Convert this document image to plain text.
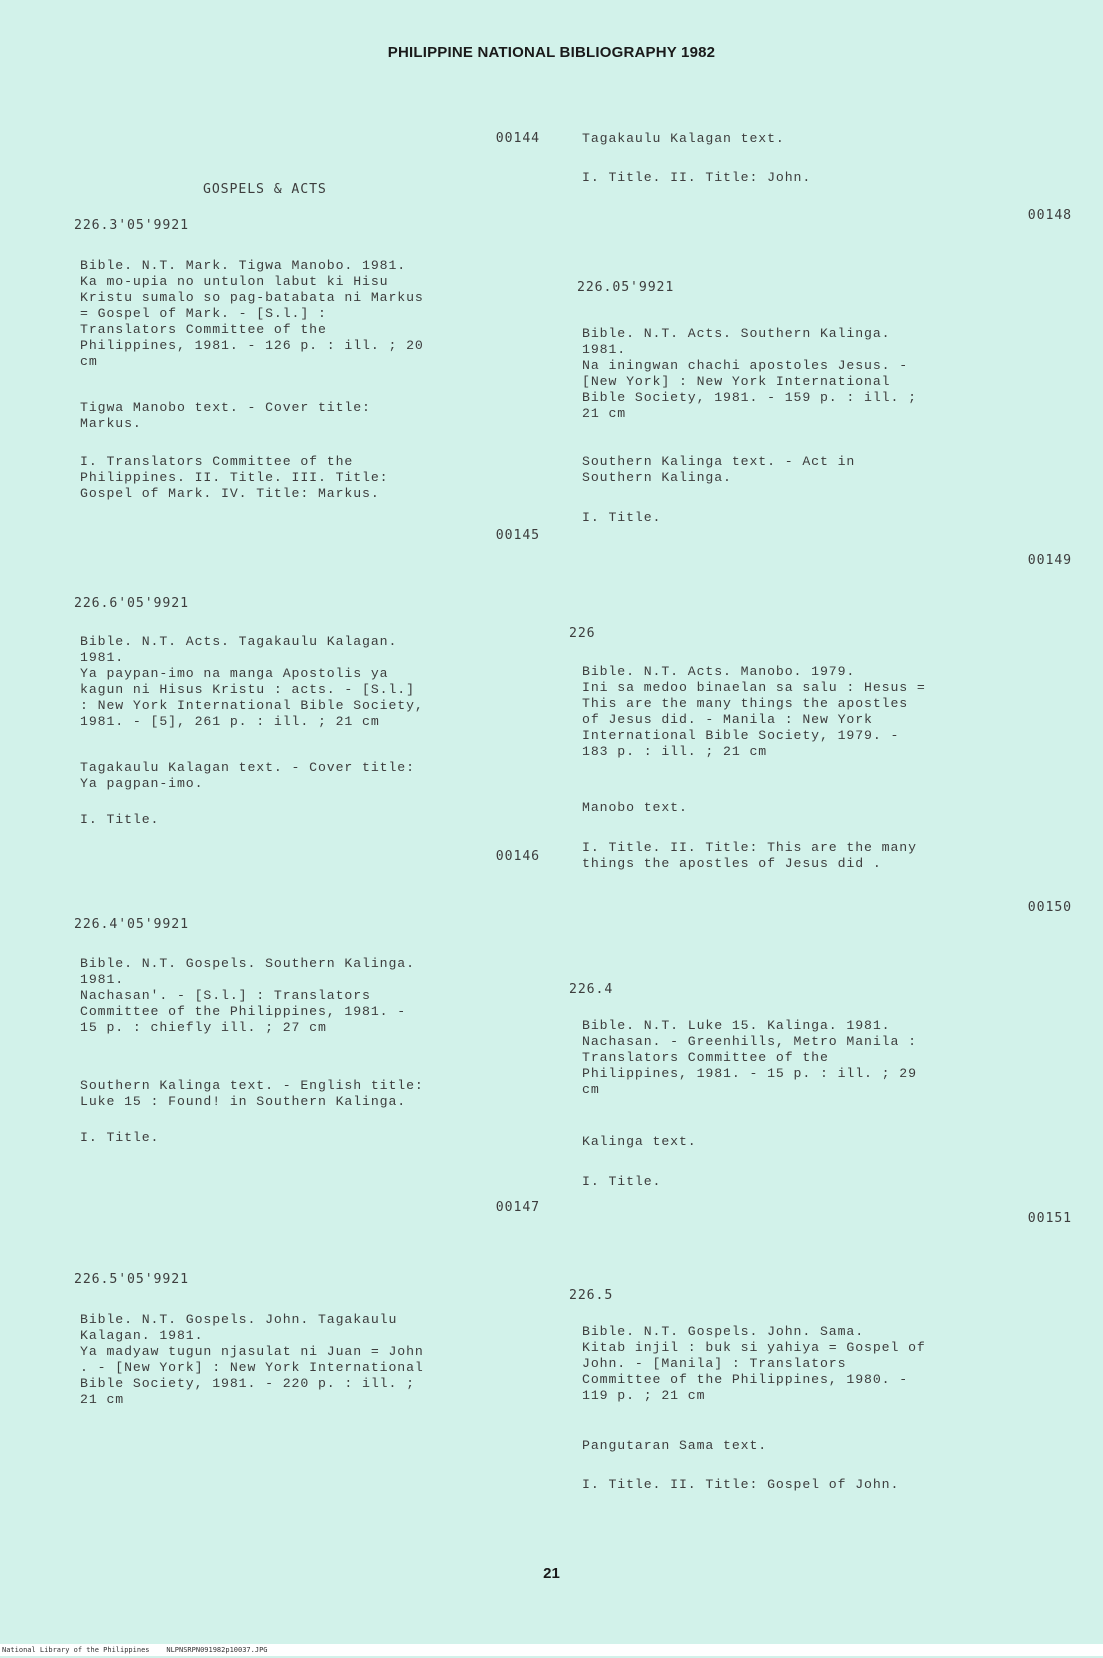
PHILIPPINE NATIONAL BIBLIOGRAPHY 1982
00144
GOSPELS & ACTS
226.3'05'9921
Bible. N.T. Mark. Tigwa Manobo. 1981.
Ka mo-upia no untulon labut ki Hisu
Kristu sumalo so pag-batabata ni Markus
= Gospel of Mark. - [S.l.] :
Translators Committee of the
Philippines, 1981. - 126 p. : ill. ; 20
cm
Tigwa Manobo text. - Cover title:
Markus.
I. Translators Committee of the
Philippines. II. Title. III. Title:
Gospel of Mark. IV. Title: Markus.
00145
226.6'05'9921
Bible. N.T. Acts. Tagakaulu Kalagan.
1981.
Ya paypan-imo na manga Apostolis ya
kagun ni Hisus Kristu : acts. - [S.l.]
: New York International Bible Society,
1981. - [5], 261 p. : ill. ; 21 cm
Tagakaulu Kalagan text. - Cover title:
Ya pagpan-imo.
I. Title.
00146
226.4'05'9921
Bible. N.T. Gospels. Southern Kalinga.
1981.
Nachasan'. - [S.l.] : Translators
Committee of the Philippines, 1981. -
15 p. : chiefly ill. ; 27 cm
Southern Kalinga text. - English title:
Luke 15 : Found! in Southern Kalinga.
I. Title.
00147
226.5'05'9921
Bible. N.T. Gospels. John. Tagakaulu
Kalagan. 1981.
Ya madyaw tugun njasulat ni Juan = John
. - [New York] : New York International
Bible Society, 1981. - 220 p. : ill. ;
21 cm
Tagakaulu Kalagan text.
I. Title. II. Title: John.
00148
226.05'9921
Bible. N.T. Acts. Southern Kalinga.
1981.
Na iningwan chachi apostoles Jesus. -
[New York] : New York International
Bible Society, 1981. - 159 p. : ill. ;
21 cm
Southern Kalinga text. - Act in
Southern Kalinga.
I. Title.
00149
226
Bible. N.T. Acts. Manobo. 1979.
Ini sa medoo binaelan sa salu : Hesus =
This are the many things the apostles
of Jesus did. - Manila : New York
International Bible Society, 1979. -
183 p. : ill. ; 21 cm
Manobo text.
I. Title. II. Title: This are the many
things the apostles of Jesus did .
00150
226.4
Bible. N.T. Luke 15. Kalinga. 1981.
Nachasan. - Greenhills, Metro Manila :
Translators Committee of the
Philippines, 1981. - 15 p. : ill. ; 29
cm
Kalinga text.
I. Title.
00151
226.5
Bible. N.T. Gospels. John. Sama.
Kitab injil : buk si yahiya = Gospel of
John. - [Manila] : Translators
Committee of the Philippines, 1980. -
119 p. ; 21 cm
Pangutaran Sama text.
I. Title. II. Title: Gospel of John.
21
National Library of the Philippines    NLPNSRPN091982p10037.JPG
